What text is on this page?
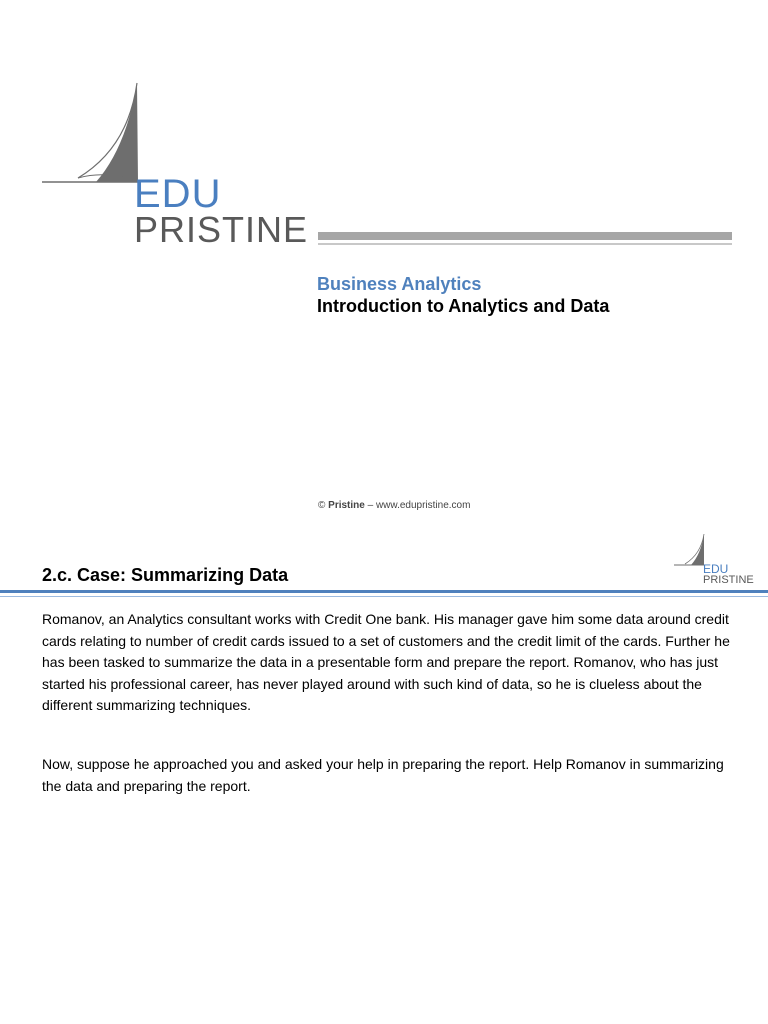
EDU
PRISTINE
Business Analytics
Introduction to Analytics and Data
© Pristine – www.edupristine.com
2.c. Case: Summarizing Data	EDU
PRISTINE

Romanov, an Analytics consultant works with Credit One bank. His manager gave him some data around credit cards relating to number of credit cards issued to a set of customers and the credit limit of the cards. Further he has been tasked to summarize the data in a presentable form and prepare the report. Romanov, who has just started his professional career, has never played around with such kind of data, so he is clueless about the different summarizing techniques.

Now, suppose he approached you and asked your help in preparing the report. Help Romanov in summarizing the data and preparing the report.
